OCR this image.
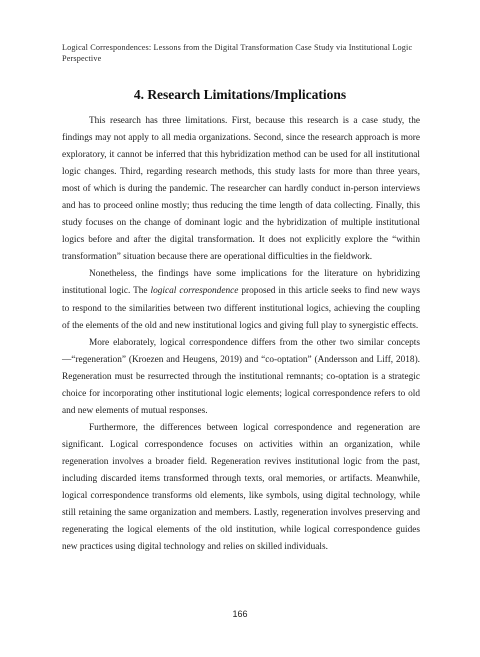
Logical Correspondences: Lessons from the Digital Transformation Case Study via Institutional Logic Perspective
4. Research Limitations/Implications

This research has three limitations. First, because this research is a case study, the findings may not apply to all media organizations. Second, since the research approach is more exploratory, it cannot be inferred that this hybridization method can be used for all institutional logic changes. Third, regarding research methods, this study lasts for more than three years, most of which is during the pandemic. The researcher can hardly conduct in-person interviews and has to proceed online mostly; thus reducing the time length of data collecting. Finally, this study focuses on the change of dominant logic and the hybridization of multiple institutional logics before and after the digital transformation. It does not explicitly explore the “within transformation” situation because there are operational difficulties in the fieldwork.

Nonetheless, the findings have some implications for the literature on hybridizing institutional logic. The logical correspondence proposed in this article seeks to find new ways to respond to the similarities between two different institutional logics, achieving the coupling of the elements of the old and new institutional logics and giving full play to synergistic effects.

More elaborately, logical correspondence differs from the other two similar concepts —“regeneration” (Kroezen and Heugens, 2019) and “co-optation” (Andersson and Liff, 2018). Regeneration must be resurrected through the institutional remnants; co-optation is a strategic choice for incorporating other institutional logic elements; logical correspondence refers to old and new elements of mutual responses.

Furthermore, the differences between logical correspondence and regeneration are significant. Logical correspondence focuses on activities within an organization, while regeneration involves a broader field. Regeneration revives institutional logic from the past, including discarded items transformed through texts, oral memories, or artifacts. Meanwhile, logical correspondence transforms old elements, like symbols, using digital technology, while still retaining the same organization and members. Lastly, regeneration involves preserving and regenerating the logical elements of the old institution, while logical correspondence guides new practices using digital technology and relies on skilled individuals.

166
